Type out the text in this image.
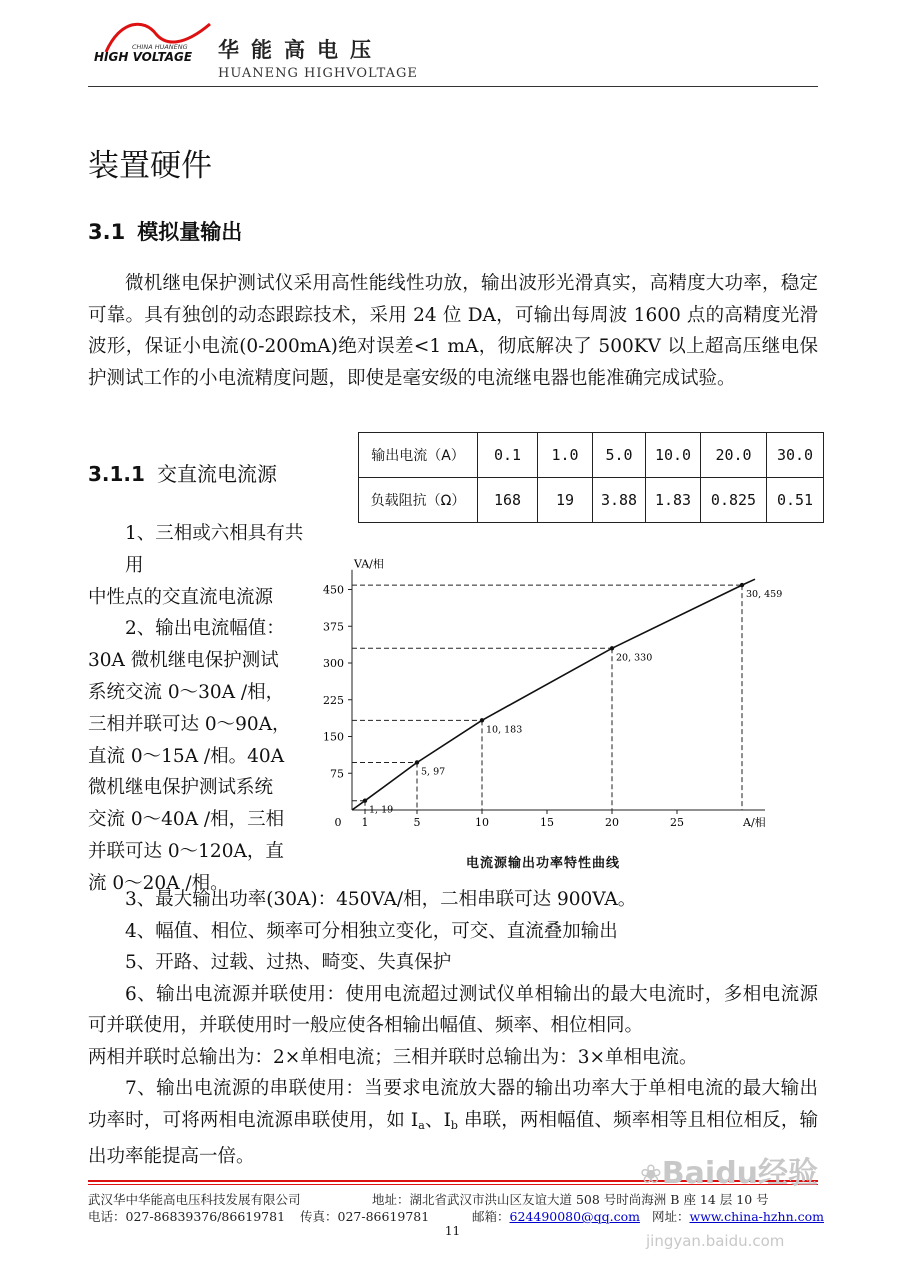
CHINA HUANENG
HIGH VOLTAGE 华能高电压
HUANENG HIGHVOLTAGE
装置硬件
3.1 模拟量输出
微机继电保护测试仪采用高性能线性功放，输出波形光滑真实，高精度大功率，稳定可靠。具有独创的动态跟踪技术，采用 24 位 DA，可输出每周波 1600 点的高精度光滑波形，保证小电流(0-200mA)绝对误差<1 mA，彻底解决了 500KV 以上超高压继电保护测试工作的小电流精度问题，即使是毫安级的电流继电器也能准确完成试验。
3.1.1 交直流电流源
输出电流（A）	0.1	1.0	5.0	10.0	20.0	30.0
负载阻抗（Ω）	168	19	3.88	1.83	0.825	0.51
1、三相或六相具有共用
中性点的交直流电流源
2、输出电流幅值：
30A 微机继电保护测试
系统交流 0～30A /相，
三相并联可达 0～90A，
直流 0～15A /相。40A
微机继电保护测试系统
交流 0～40A /相，三相
并联可达 0～120A，直
流 0～20A /相。
VA/相
A/相
75
150
225
300
375
450
0 1	5	10	15	20	25
1, 19
5, 97
10, 183
20, 330
30, 459
电流源输出功率特性曲线
3、最大输出功率(30A)：450VA/相，二相串联可达 900VA。
4、幅值、相位、频率可分相独立变化，可交、直流叠加输出
5、开路、过载、过热、畸变、失真保护
6、输出电流源并联使用：使用电流超过测试仪单相输出的最大电流时，多相电流源可并联使用，并联使用时一般应使各相输出幅值、频率、相位相同。
两相并联时总输出为：2×单相电流；三相并联时总输出为：3×单相电流。
7、输出电流源的串联使用：当要求电流放大器的输出功率大于单相电流的最大输出功率时，可将两相电流源串联使用，如 $I_a$、$I_b$ 串联，两相幅值、频率相等且相位相反，输出功率能提高一倍。
武汉华中华能高电压科技发展有限公司	地址：湖北省武汉市洪山区友谊大道 508 号时尚海洲 B 座 14 层 10 号
电话：027-86839376/86619781 传真：027-86619781	邮箱：624490080@qq.com 网址：www.china-hzhn.com
11
❀Baidu经验
jingyan.baidu.com
